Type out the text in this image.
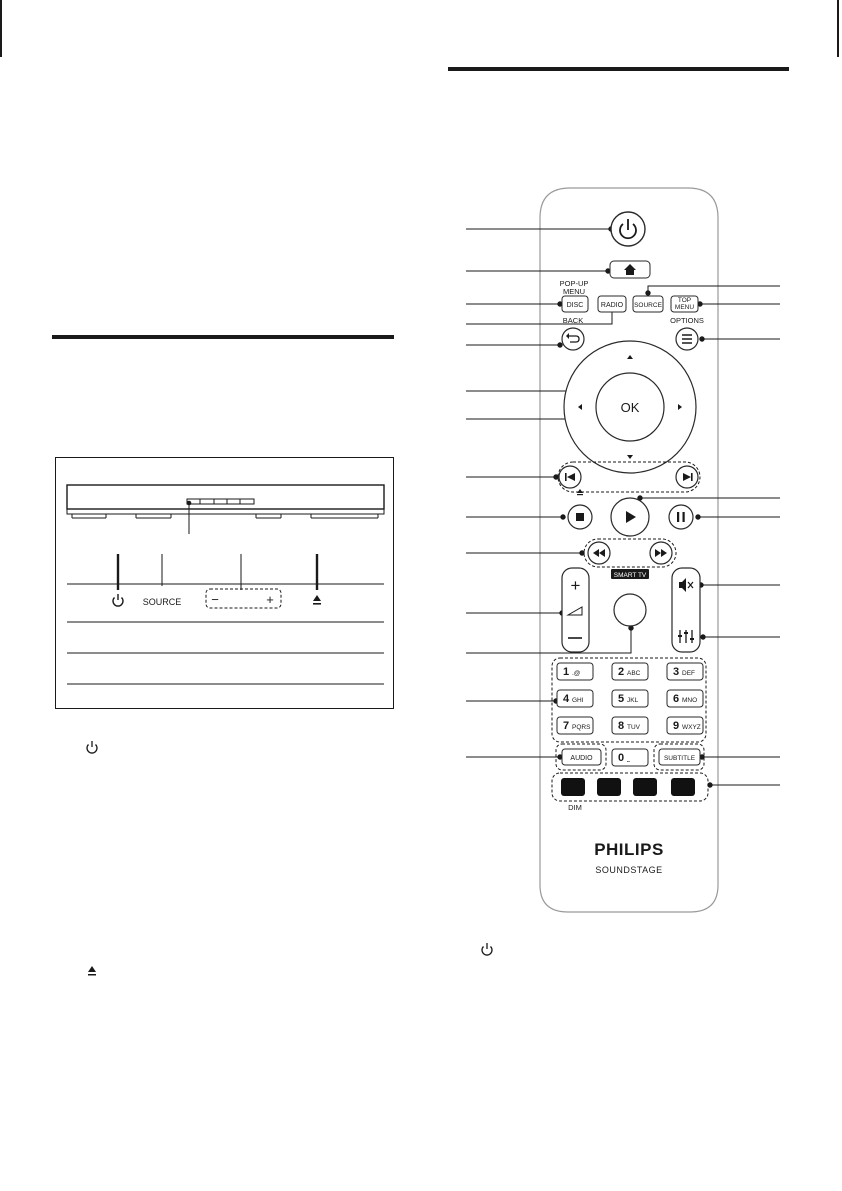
SOURCE −	+
POP-UP MENU
DISC	RADIO SOURCE
TOP MENU
BACK	OPTIONS
OK
+
SMART TV
1 .@	2 ABC	3 DEF
4 GHI	5 JKL	6 MNO
7 PQRS	8 TUV	9 WXYZ
0 ⎵
AUDIO	SUBTITLE
DIM
PHILIPS
SOUNDSTAGE
